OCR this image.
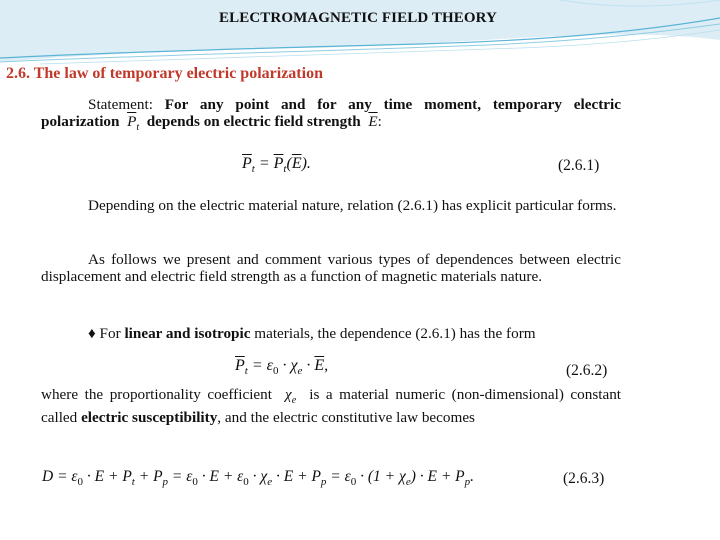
ELECTROMAGNETIC FIELD THEORY
2.6. The law of temporary electric polarization

Statement: For any point and for any time moment, temporary electric polarization $\overline{P}_t$ depends on electric field strength $\overline{E}$:

$\overline{P}_t = \overline{P}_t(\overline{E})$.	(2.6.1)

Depending on the electric material nature, relation (2.6.1) has explicit particular forms.

As follows we present and comment various types of dependences between electric displacement and electric field strength as a function of magnetic materials nature.

♦ For linear and isotropic materials, the dependence (2.6.1) has the form

$\overline{P}_t = \varepsilon_0 \cdot \chi_e \cdot \overline{E}$,	(2.6.2)

where the proportionality coefficient $\chi_e$ is a material numeric (non-dimensional) constant called electric susceptibility, and the electric constitutive law becomes

$D = \varepsilon_0 \cdot E + P_t + P_p = \varepsilon_0 \cdot E + \varepsilon_0 \cdot \chi_e \cdot E + P_p = \varepsilon_0 \cdot (1 + \chi_e) \cdot E + P_p$.	(2.6.3)
